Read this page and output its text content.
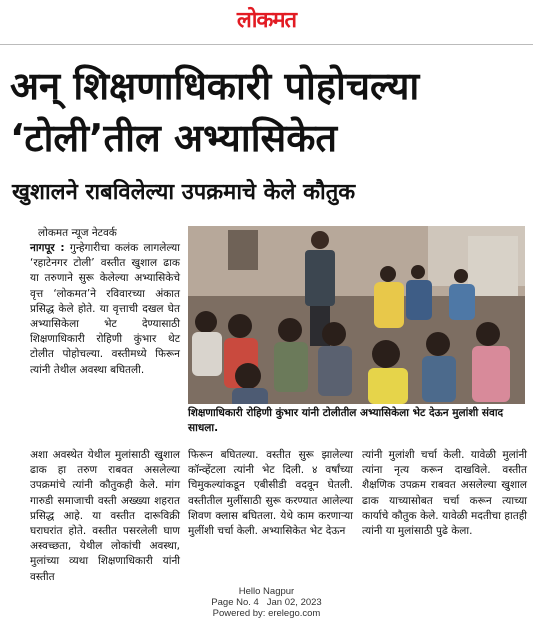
लोकमत
अन् शिक्षणाधिकारी पोहोचल्या
‘टोली’तील अभ्यासिकेत
खुशालने राबविलेल्या उपक्रमाचे केले कौतुक
लोकमत न्यूज नेटवर्क

नागपूर : गुन्हेगारीचा कलंक लागलेल्या ‘रहाटेनगर टोली’ वस्तीत खुशाल ढाक या तरुणाने सुरू केलेल्या अभ्यासिकेचे वृत्त ‘लोकमत’ने रविवारच्या अंकात प्रसिद्ध केले होते. या वृत्ताची दखल घेत अभ्यासिकेला भेट देण्यासाठी शिक्षणाधिकारी रोहिणी कुंभार थेट टोलीत पोहोचल्या. वस्तीमध्ये फिरून त्यांनी तेथील अवस्था बघितली.

शिक्षणाधिकारी रोहिणी कुंभार यांनी टोलीतील अभ्यासिकेला भेट देऊन मुलांशी संवाद साधला.

अशा अवस्थेत येथील मुलांसाठी खुशाल ढाक हा तरुण राबवत असलेल्या उपक्रमांचे त्यांनी कौतुकही केले. मांग गारुडी समाजाची वस्ती अख्ख्या शहरात प्रसिद्ध आहे. या वस्तीत दारूविक्री घराघरांत होते. वस्तीत पसरलेली घाण अस्वच्छता, येथील लोकांची अवस्था, मुलांच्या व्यथा शिक्षणाधिकारी यांनी वस्तीत

फिरून बघितल्या. वस्तीत सुरू झालेल्या कॉन्व्हेंटला त्यांनी भेट दिली. ४ वर्षांच्या चिमुकल्यांकडून एबीसीडी वदवून घेतली. वस्तीतील मुलींसाठी सुरू करण्यात आलेल्या शिवण क्लास बघितला. येथे काम करणाऱ्या मुलींशी चर्चा केली. अभ्यासिकेत भेट देऊन

त्यांनी मुलांशी चर्चा केली. यावेळी मुलांनी त्यांना नृत्य करून दाखविले. वस्तीत शैक्षणिक उपक्रम राबवत असलेल्या खुशाल ढाक याच्यासोबत चर्चा करून त्याच्या कार्याचे कौतुक केले. यावेळी मदतीचा हातही त्यांनी या मुलांसाठी पुढे केला.

Hello Nagpur
Page No. 4 Jan 02, 2023
Powered by: erelego.com
